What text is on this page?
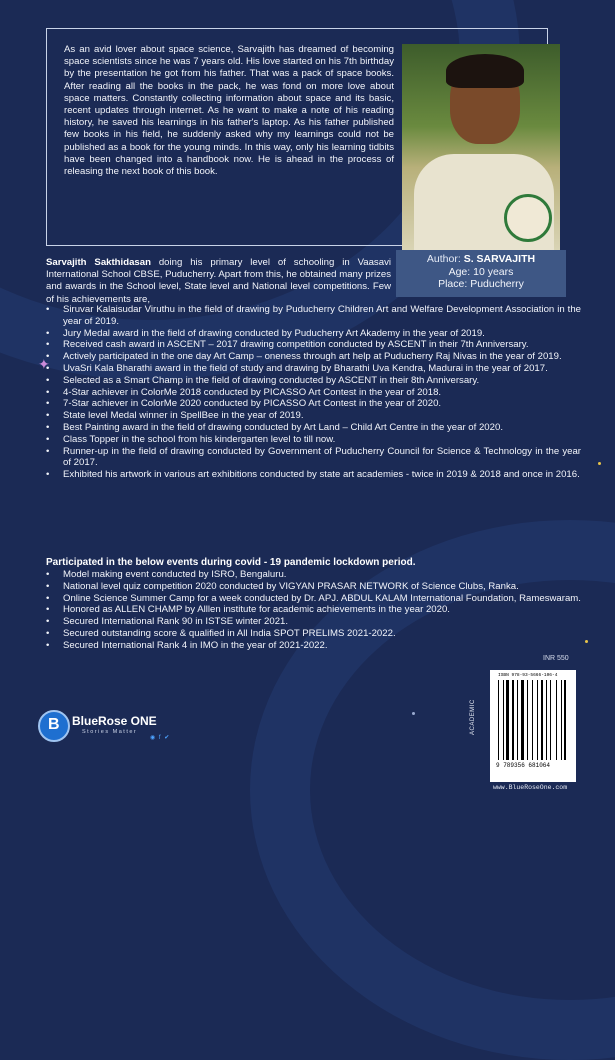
✦
As an avid lover about space science, Sarvajith has dreamed of becoming space scientists since he was 7 years old. His love started on his 7th birthday by the presentation he got from his father. That was a pack of space books. After reading all the books in the pack, he was fond on more love about space matters. Constantly collecting information about space and its basic, recent updates through internet. As he want to make a note of his reading history, he saved his learnings in his father's laptop. As his father published few books in his field, he suddenly asked why my learnings could not be published as a book for the young minds. In this way, only his learning tidbits have been changed into a handbook now. He is ahead in the process of releasing the next book of this book.
Author: S. SARVAJITH
Age: 10 years
Place: Puducherry
Sarvajith Sakthidasan doing his primary level of schooling in Vaasavi International School CBSE, Puducherry. Apart from this, he obtained many prizes and awards in the School level, State level and National level competitions. Few of his achievements are,
• Siruvar Kalaisudar Viruthu in the field of drawing by Puducherry Children Art and Welfare Development Association in the year of 2019.
• Jury Medal award in the field of drawing conducted by Puducherry Art Akademy in the year of 2019.
• Received cash award in ASCENT – 2017 drawing competition conducted by ASCENT in their 7th Anniversary.
• Actively participated in the one day Art Camp – oneness through art help at Puducherry Raj Nivas in the year of 2019.
• UvaSri Kala Bharathi award in the field of study and drawing by Bharathi Uva Kendra, Madurai in the year of 2017.
• Selected as a Smart Champ in the field of drawing conducted by ASCENT in their 8th Anniversary.
• 4-Star achiever in ColorMe 2018 conducted by PICASSO Art Contest in the year of 2018.
• 7-Star achiever in ColorMe 2020 conducted by PICASSO Art Contest in the year of 2020.
• State level Medal winner in SpellBee in the year of 2019.
• Best Painting award in the field of drawing conducted by Art Land – Child Art Centre in the year of 2020.
• Class Topper in the school from his kindergarten level to till now.
• Runner-up in the field of drawing conducted by Government of Puducherry Council for Science & Technology in the year of 2017.
• Exhibited his artwork in various art exhibitions conducted by state art academies - twice in 2019 & 2018 and once in 2016.
Participated in the below events during covid - 19 pandemic lockdown period.
• Model making event conducted by ISRO, Bengaluru.
• National level quiz competition 2020 conducted by VIGYAN PRASAR NETWORK of Science Clubs, Ranka.
• Online Science Summer Camp for a week conducted by Dr. APJ. ABDUL KALAM International Foundation, Rameswaram.
• Honored as ALLEN CHAMP by Alllen institute for academic achievements in the year 2020.
• Secured International Rank 90 in ISTSE winter 2021.
• Secured outstanding score & qualified in All India SPOT PRELIMS 2021-2022.
• Secured International Rank 4 in IMO in the year of 2021-2022.
B BlueRose ONE
Stories Matter
◉ f ✔
INR 550
ACADEMIC
ISBN 978-93-5666-106-4
9 789356 681064
www.BlueRoseOne.com
